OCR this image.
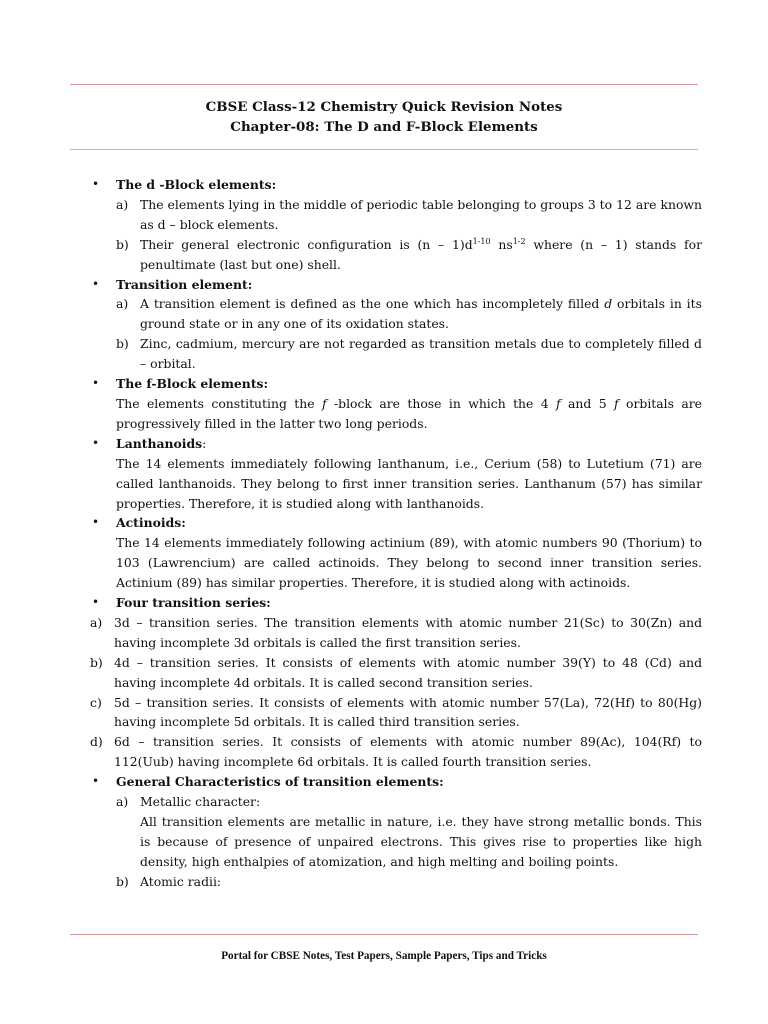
CBSE Class-12 Chemistry Quick Revision Notes
Chapter-08: The D and F-Block Elements
• The d -Block elements:
a) The elements lying in the middle of periodic table belonging to groups 3 to 12 are known as d – block elements.
b) Their general electronic configuration is $(n - 1)d^{1-10}$ $ns^{1-2}$ where (n – 1) stands for penultimate (last but one) shell.
• Transition element:
a) A transition element is defined as the one which has incompletely filled d orbitals in its ground state or in any one of its oxidation states.
b) Zinc, cadmium, mercury are not regarded as transition metals due to completely filled d – orbital.
• The f-Block elements:
The elements constituting the f -block are those in which the 4 f and 5 f orbitals are progressively filled in the latter two long periods.
• Lanthanoids:
The 14 elements immediately following lanthanum, i.e., Cerium (58) to Lutetium (71) are called lanthanoids. They belong to first inner transition series. Lanthanum (57) has similar properties. Therefore, it is studied along with lanthanoids.
• Actinoids:
The 14 elements immediately following actinium (89), with atomic numbers 90 (Thorium) to 103 (Lawrencium) are called actinoids. They belong to second inner transition series. Actinium (89) has similar properties. Therefore, it is studied along with actinoids.
• Four transition series:
a) 3d – transition series. The transition elements with atomic number 21(Sc) to 30(Zn) and having incomplete 3d orbitals is called the first transition series.
b) 4d – transition series. It consists of elements with atomic number 39(Y) to 48 (Cd) and having incomplete 4d orbitals. It is called second transition series.
c) 5d – transition series. It consists of elements with atomic number 57(La), 72(Hf) to 80(Hg) having incomplete 5d orbitals. It is called third transition series.
d) 6d – transition series. It consists of elements with atomic number 89(Ac), 104(Rf) to 112(Uub) having incomplete 6d orbitals. It is called fourth transition series.
• General Characteristics of transition elements:
a) Metallic character:
All transition elements are metallic in nature, i.e. they have strong metallic bonds. This is because of presence of unpaired electrons. This gives rise to properties like high density, high enthalpies of atomization, and high melting and boiling points.
b) Atomic radii:
Portal for CBSE Notes, Test Papers, Sample Papers, Tips and Tricks
